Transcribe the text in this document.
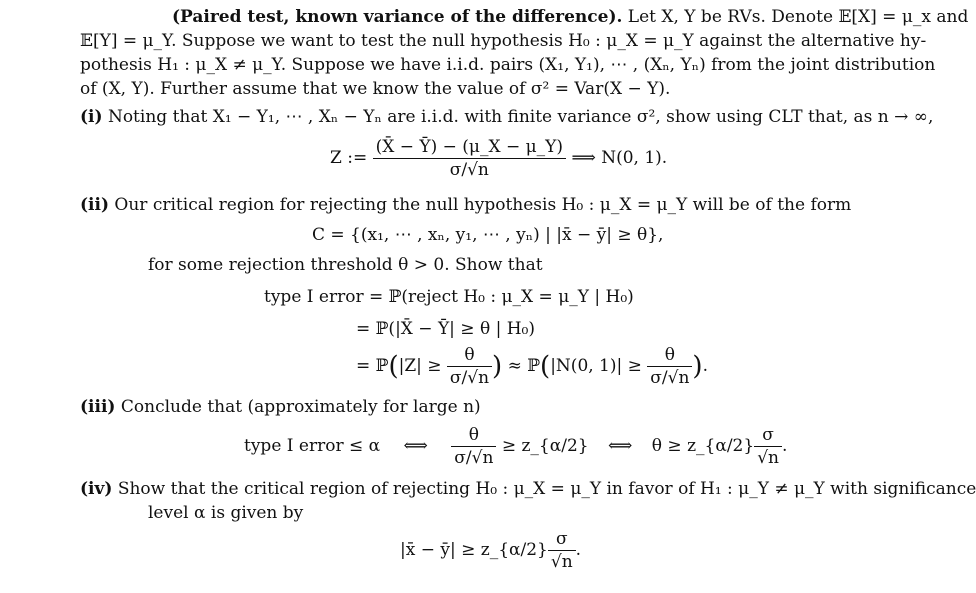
(Paired test, known variance of the difference). Let X, Y be RVs. Denote 𝔼[X] = μ_x and
𝔼[Y] = μ_Y. Suppose we want to test the null hypothesis H₀ : μ_X = μ_Y against the alternative hy-
pothesis H₁ : μ_X ≠ μ_Y. Suppose we have i.i.d. pairs (X₁, Y₁), ⋯ , (Xₙ, Yₙ) from the joint distribution
of (X, Y). Further assume that we know the value of σ² = Var(X − Y).
(i) Noting that X₁ − Y₁, ⋯ , Xₙ − Yₙ are i.i.d. with finite variance σ², show using CLT that, as n → ∞,
Z := $\frac{(X̄ - Ȳ) - (\mu\_X - \mu\_Y)}{\sigma/√n}$ ⟹ N(0, 1).
(ii) Our critical region for rejecting the null hypothesis H₀ : μ_X = μ_Y will be of the form
C = {(x₁, ⋯ , xₙ, y₁, ⋯ , yₙ) | |x̄ − ȳ| ≥ θ},
for some rejection threshold θ > 0. Show that
type I error = ℙ(reject H₀ : μ_X = μ_Y | H₀)
= ℙ(|X̄ − Ȳ| ≥ θ | H₀)
= ℙ(|Z| ≥ $\frac{\theta}{\sigma/√n}$ ) ≈ ℙ(|N(0, $1)| \ge \frac{\theta}{\sigma/√n}$ ).
(iii) Conclude that (approximately for large n)
type I error ≤ α ⟺ $\frac{\theta}{\sigma/√n}$ ≥ z_{α/2} ⟺ θ ≥ z_{α/2} $\frac{\sigma}{√n}$ .
(iv) Show that the critical region of rejecting H₀ : μ_X = μ_Y in favor of H₁ : μ_Y ≠ μ_Y with significance
level α is given by
|x̄ − ȳ| ≥ z_{α/2} $\frac{\sigma}{√n}$ .
